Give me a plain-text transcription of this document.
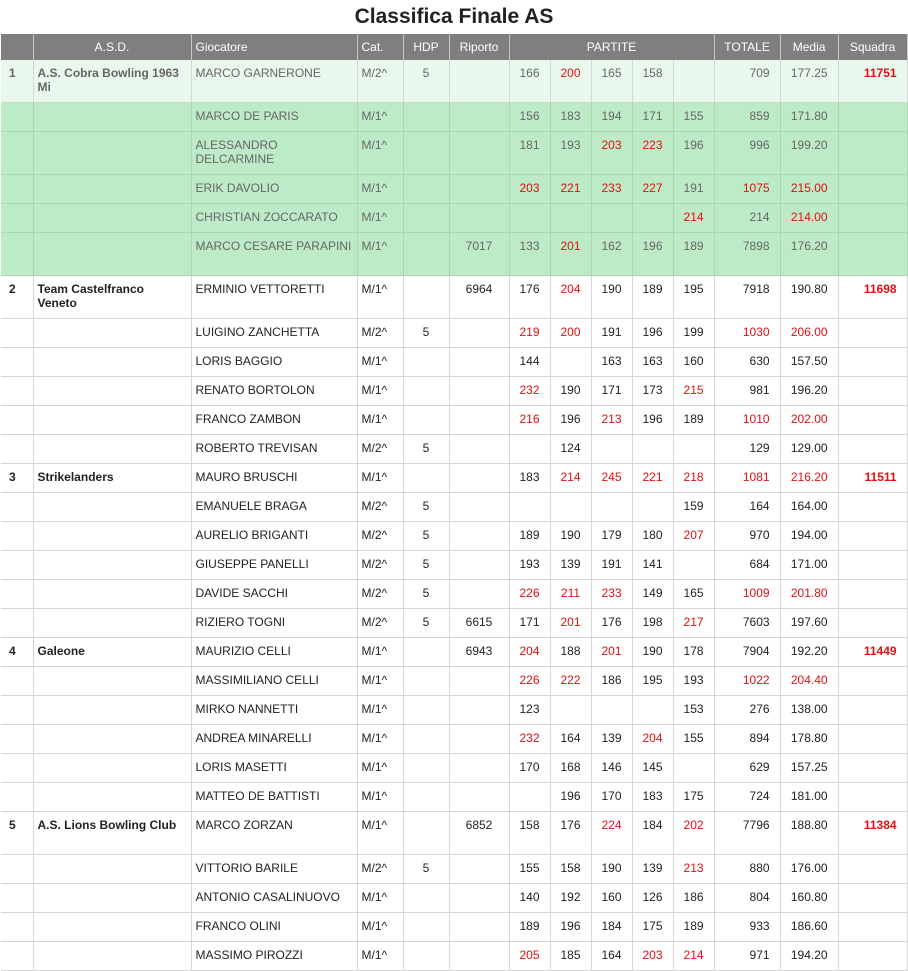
Classifica Finale AS
	A.S.D.	Giocatore	Cat.	HDP	Riporto	PARTITE					TOTALE	Media	Squadra
1	A.S. Cobra Bowling 1963 Mi	MARCO GARNERONE	M/2^	5		166	200	165	158		709	177.25	11751
		MARCO DE PARIS	M/1^			156	183	194	171	155	859	171.80	
		ALESSANDRO DELCARMINE	M/1^			181	193	203	223	196	996	199.20	
		ERIK DAVOLIO	M/1^			203	221	233	227	191	1075	215.00	
		CHRISTIAN ZOCCARATO	M/1^							214	214	214.00	
		MARCO CESARE PARAPINI	M/1^		7017	133	201	162	196	189	7898	176.20	
2	Team Castelfranco Veneto	ERMINIO VETTORETTI	M/1^		6964	176	204	190	189	195	7918	190.80	11698
		LUIGINO ZANCHETTA	M/2^	5		219	200	191	196	199	1030	206.00	
		LORIS BAGGIO	M/1^			144		163	163	160	630	157.50	
		RENATO BORTOLON	M/1^			232	190	171	173	215	981	196.20	
		FRANCO ZAMBON	M/1^			216	196	213	196	189	1010	202.00	
		ROBERTO TREVISAN	M/2^	5			124				129	129.00	
3	Strikelanders	MAURO BRUSCHI	M/1^			183	214	245	221	218	1081	216.20	11511
		EMANUELE BRAGA	M/2^	5						159	164	164.00	
		AURELIO BRIGANTI	M/2^	5		189	190	179	180	207	970	194.00	
		GIUSEPPE PANELLI	M/2^	5		193	139	191	141		684	171.00	
		DAVIDE SACCHI	M/2^	5		226	211	233	149	165	1009	201.80	
		RIZIERO TOGNI	M/2^	5	6615	171	201	176	198	217	7603	197.60	
4	Galeone	MAURIZIO CELLI	M/1^		6943	204	188	201	190	178	7904	192.20	11449
		MASSIMILIANO CELLI	M/1^			226	222	186	195	193	1022	204.40	
		MIRKO NANNETTI	M/1^			123				153	276	138.00	
		ANDREA MINARELLI	M/1^			232	164	139	204	155	894	178.80	
		LORIS MASETTI	M/1^			170	168	146	145		629	157.25	
		MATTEO DE BATTISTI	M/1^				196	170	183	175	724	181.00	
5	A.S. Lions Bowling Club	MARCO ZORZAN	M/1^		6852	158	176	224	184	202	7796	188.80	11384
		VITTORIO BARILE	M/2^	5		155	158	190	139	213	880	176.00	
		ANTONIO CASALINUOVO	M/1^			140	192	160	126	186	804	160.80	
		FRANCO OLINI	M/1^			189	196	184	175	189	933	186.60	
		MASSIMO PIROZZI	M/1^			205	185	164	203	214	971	194.20	
